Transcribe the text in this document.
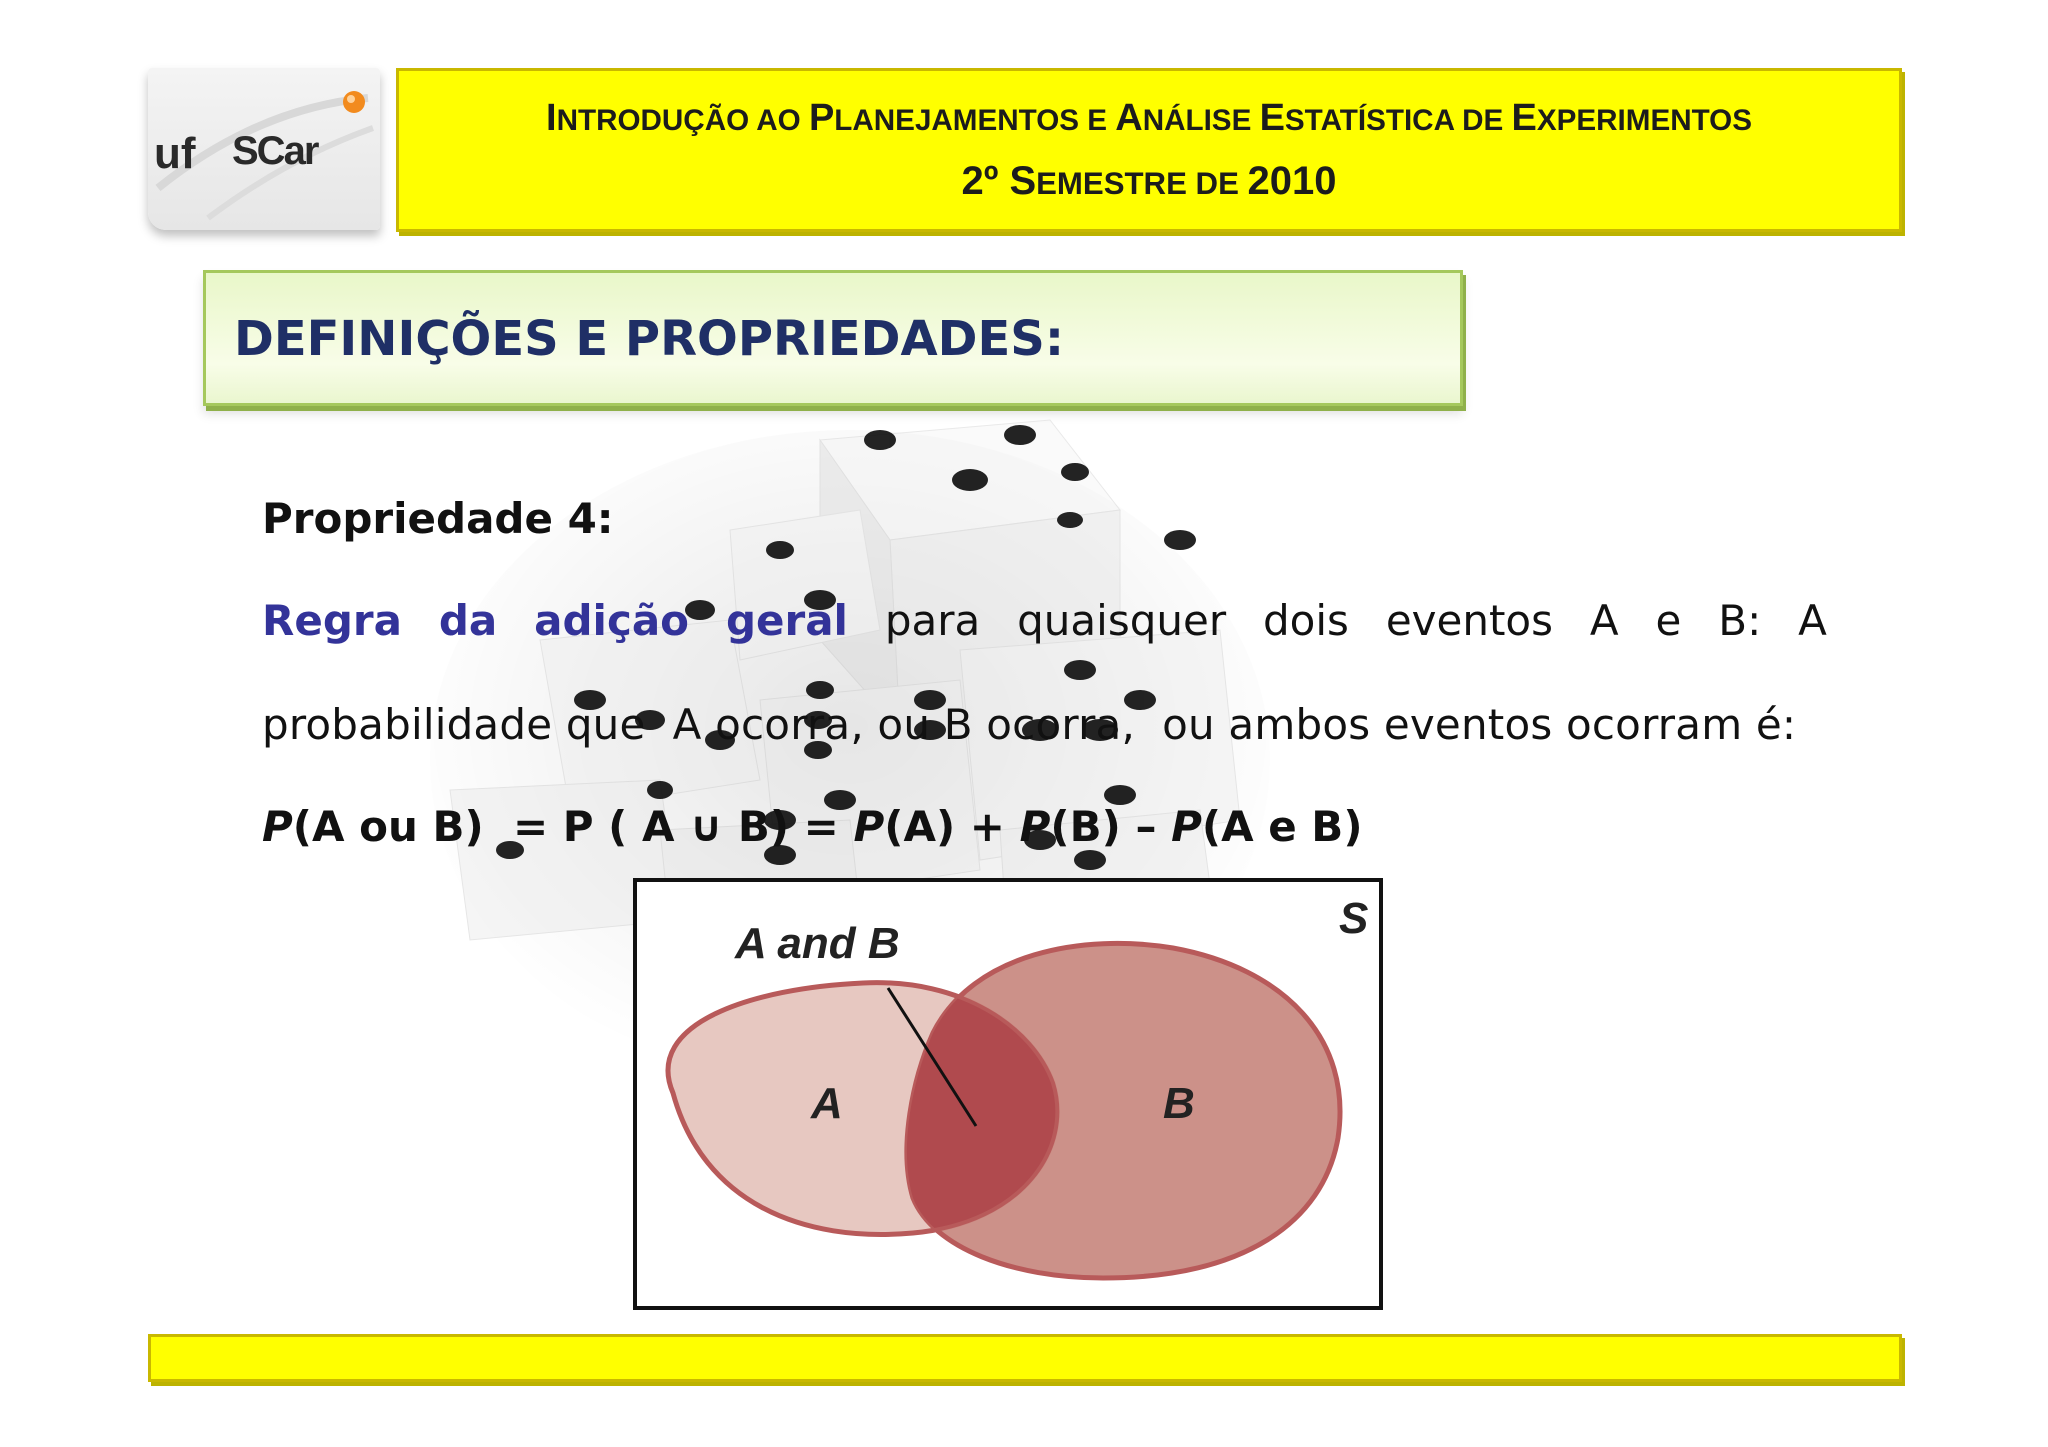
uf SCar
INTRODUÇÃO AO PLANEJAMENTOS E ANÁLISE ESTATÍSTICA DE EXPERIMENTOS
2º SEMESTRE DE 2010
DEFINIÇÕES E PROPRIEDADES:
Propriedade 4:
Regra da adição geral para quaisquer dois eventos A e B: A
probabilidade que  A ocorra, ou B ocorra,  ou ambos eventos ocorram é:
P(A ou B)  = P ( A ∪ B) = P(A) + P(B) – P(A e B)
A and B
S
A	B
